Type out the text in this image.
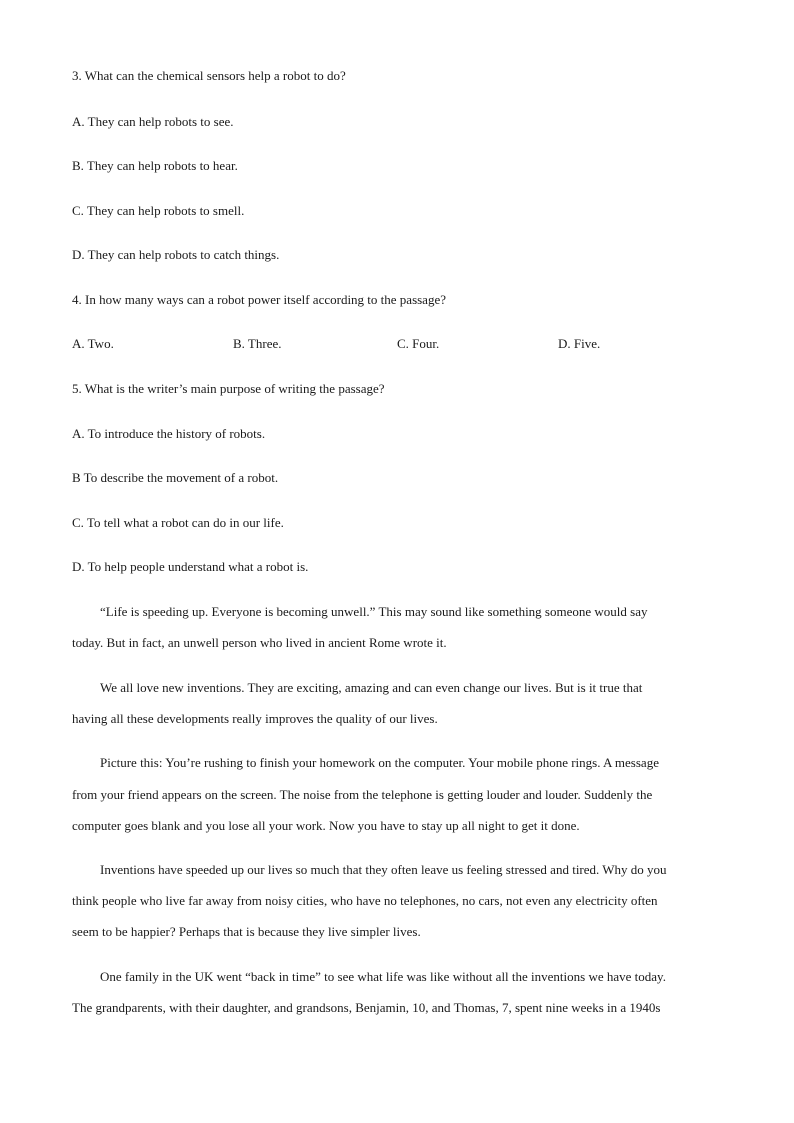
3. What can the chemical sensors help a robot to do?
A. They can help robots to see.
B. They can help robots to hear.
C. They can help robots to smell.
D. They can help robots to catch things.
4. In how many ways can a robot power itself according to the passage?
A. Two.	B. Three.	C. Four.	D. Five.
5. What is the writer’s main purpose of writing the passage?
A. To introduce the history of robots.
B To describe the movement of a robot.
C. To tell what a robot can do in our life.
D. To help people understand what a robot is.
“Life is speeding up. Everyone is becoming unwell.” This may sound like something someone would say
today. But in fact, an unwell person who lived in ancient Rome wrote it.
We all love new inventions. They are exciting, amazing and can even change our lives. But is it true that
having all these developments really improves the quality of our lives.
Picture this: You’re rushing to finish your homework on the computer. Your mobile phone rings. A message
from your friend appears on the screen. The noise from the telephone is getting louder and louder. Suddenly the
computer goes blank and you lose all your work. Now you have to stay up all night to get it done.
Inventions have speeded up our lives so much that they often leave us feeling stressed and tired. Why do you
think people who live far away from noisy cities, who have no telephones, no cars, not even any electricity often
seem to be happier? Perhaps that is because they live simpler lives.
One family in the UK went “back in time” to see what life was like without all the inventions we have today.
The grandparents, with their daughter, and grandsons, Benjamin, 10, and Thomas, 7, spent nine weeks in a 1940s
